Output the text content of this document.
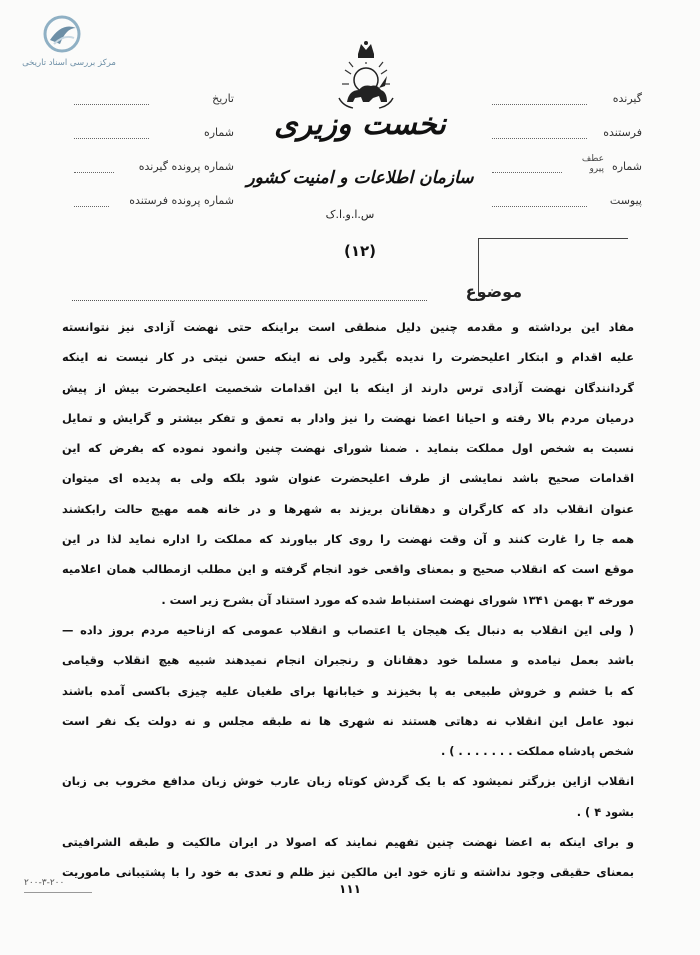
مرکز بررسی اسناد تاریخی
نخست وزیری
سازمان اطلاعات و امنیت کشور
س.ا.و.ا.ک
(۱۲)
تاریخ
شماره
شماره پرونده گیرنده
شماره پرونده فرستنده
گیرنده
فرستنده
شماره
عطف
پیرو
پیوست
موضوع

مفاد این برداشته و مقدمه چنین دلیل منطقی است براینکه حتی نهضت آزادی نیز نتوانسته

علیه اقدام و ابتکار اعلیحضرت را ندیده بگیرد ولی نه اینکه حسن نیتی در کار نیست نه اینکه

گردانندگان نهضت آزادی ترس دارند از اینکه با این اقدامات شخصیت اعلیحضرت بیش از پیش

درمیان مردم بالا رفته و احیانا اعضا نهضت را نیز وادار به تعمق و تفکر بیشتر و گرایش و تمایل

نسبت به شخص اول مملکت بنماید . ضمنا شورای نهضت چنین وانمود نموده که بفرض که این

اقدامات صحیح باشد نمایشی از طرف اعلیحضرت عنوان شود بلکه ولی به پدیده ای میتوان

عنوان انقلاب داد که کارگران و دهقانان بریزند به شهرها و در خانه همه مهیج حالت رابکشند

همه جا را غارت کنند و آن وقت نهضت را روی کار بیاورند که مملکت را اداره نماید لذا در این

موقع است که انقلاب صحیح و بمعنای واقعی خود انجام گرفته و این مطلب ازمطالب همان اعلامیه

مورخه ۳ بهمن ۱۳۴۱ شورای نهضت استنباط شده که مورد استناد آن بشرح زیر است .

( ولی این انقلاب به دنبال یک هیجان یا اعتصاب و انقلاب عمومی که ازناحیه مردم بروز داده —

باشد بعمل نیامده و مسلما خود دهقانان و رنجبران انجام نمیدهند شبیه هیچ انقلاب وقیامی

که با خشم و خروش طبیعی به پا بخیزند و خیابانها برای طغیان علیه چیزی باکسی آمده باشند

نبود عامل این انقلاب نه دهاتی هستند نه شهری ها نه طبقه مجلس و نه دولت یک نفر است

شخص پادشاه مملکت . . . . . . . ) .

انقلاب ازاین بزرگتر نمیشود که با یک گردش کوتاه زبان عارب خوش زبان مدافع مخروب بی زبان

بشود ۴ ) .

و برای اینکه به اعضا نهضت چنین تفهیم نمایند که اصولا در ایران مالکیت و طبقه الشرافیتی

بمعنای حقیقی وجود نداشته و تازه خود این مالکین نیز ظلم و تعدی به خود را با پشتیبانی ماموریت

۱۱۱
۲۰۰-۳-۲۰۰
